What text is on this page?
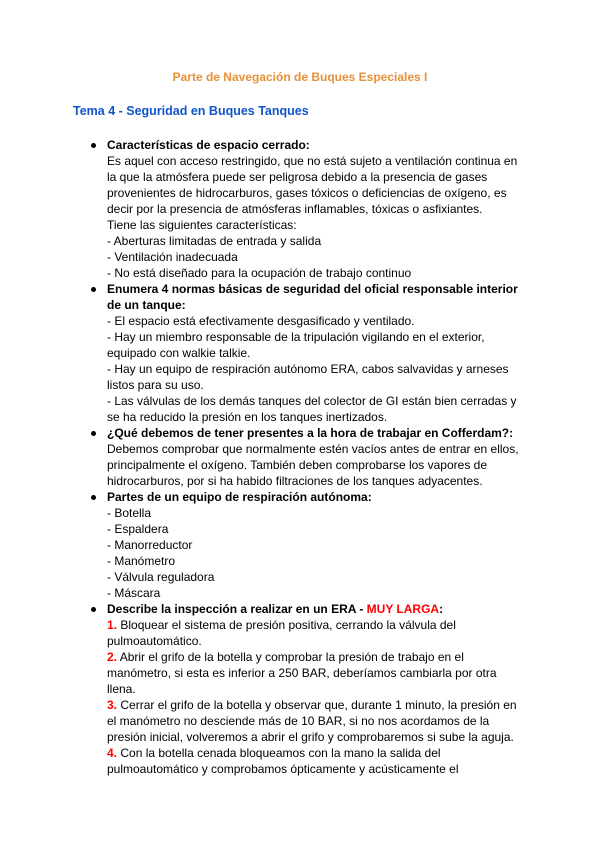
Parte de Navegación de Buques Especiales I
Tema 4 - Seguridad en Buques Tanques
Características de espacio cerrado:
Es aquel con acceso restringido, que no está sujeto a ventilación continua en
la que la atmósfera puede ser peligrosa debido a la presencia de gases
provenientes de hidrocarburos, gases tóxicos o deficiencias de oxígeno, es
decir por la presencia de atmósferas inflamables, tóxicas o asfixiantes.
Tiene las siguientes características:
- Aberturas limitadas de entrada y salida
- Ventilación inadecuada
- No está diseñado para la ocupación de trabajo continuo
Enumera 4 normas básicas de seguridad del oficial responsable interior
de un tanque:
- El espacio está efectivamente desgasificado y ventilado.
- Hay un miembro responsable de la tripulación vigilando en el exterior,
equipado con walkie talkie.
- Hay un equipo de respiración autónomo ERA, cabos salvavidas y arneses
listos para su uso.
- Las válvulas de los demás tanques del colector de GI están bien cerradas y
se ha reducido la presión en los tanques inertizados.
¿Qué debemos de tener presentes a la hora de trabajar en Cofferdam?:
Debemos comprobar que normalmente estén vacíos antes de entrar en ellos,
principalmente el oxígeno. También deben comprobarse los vapores de
hidrocarburos, por si ha habido filtraciones de los tanques adyacentes.
Partes de un equipo de respiración autónoma:
- Botella
- Espaldera
- Manorreductor
- Manómetro
- Válvula reguladora
- Máscara
Describe la inspección a realizar en un ERA - MUY LARGA:
1. Bloquear el sistema de presión positiva, cerrando la válvula del
pulmoautomático.
2. Abrir el grifo de la botella y comprobar la presión de trabajo en el
manómetro, si esta es inferior a 250 BAR, deberíamos cambiarla por otra
llena.
3. Cerrar el grifo de la botella y observar que, durante 1 minuto, la presión en
el manómetro no desciende más de 10 BAR, si no nos acordamos de la
presión inicial, volveremos a abrir el grifo y comprobaremos si sube la aguja.
4. Con la botella cenada bloqueamos con la mano la salida del
pulmoautomático y comprobamos ópticamente y acústicamente el
